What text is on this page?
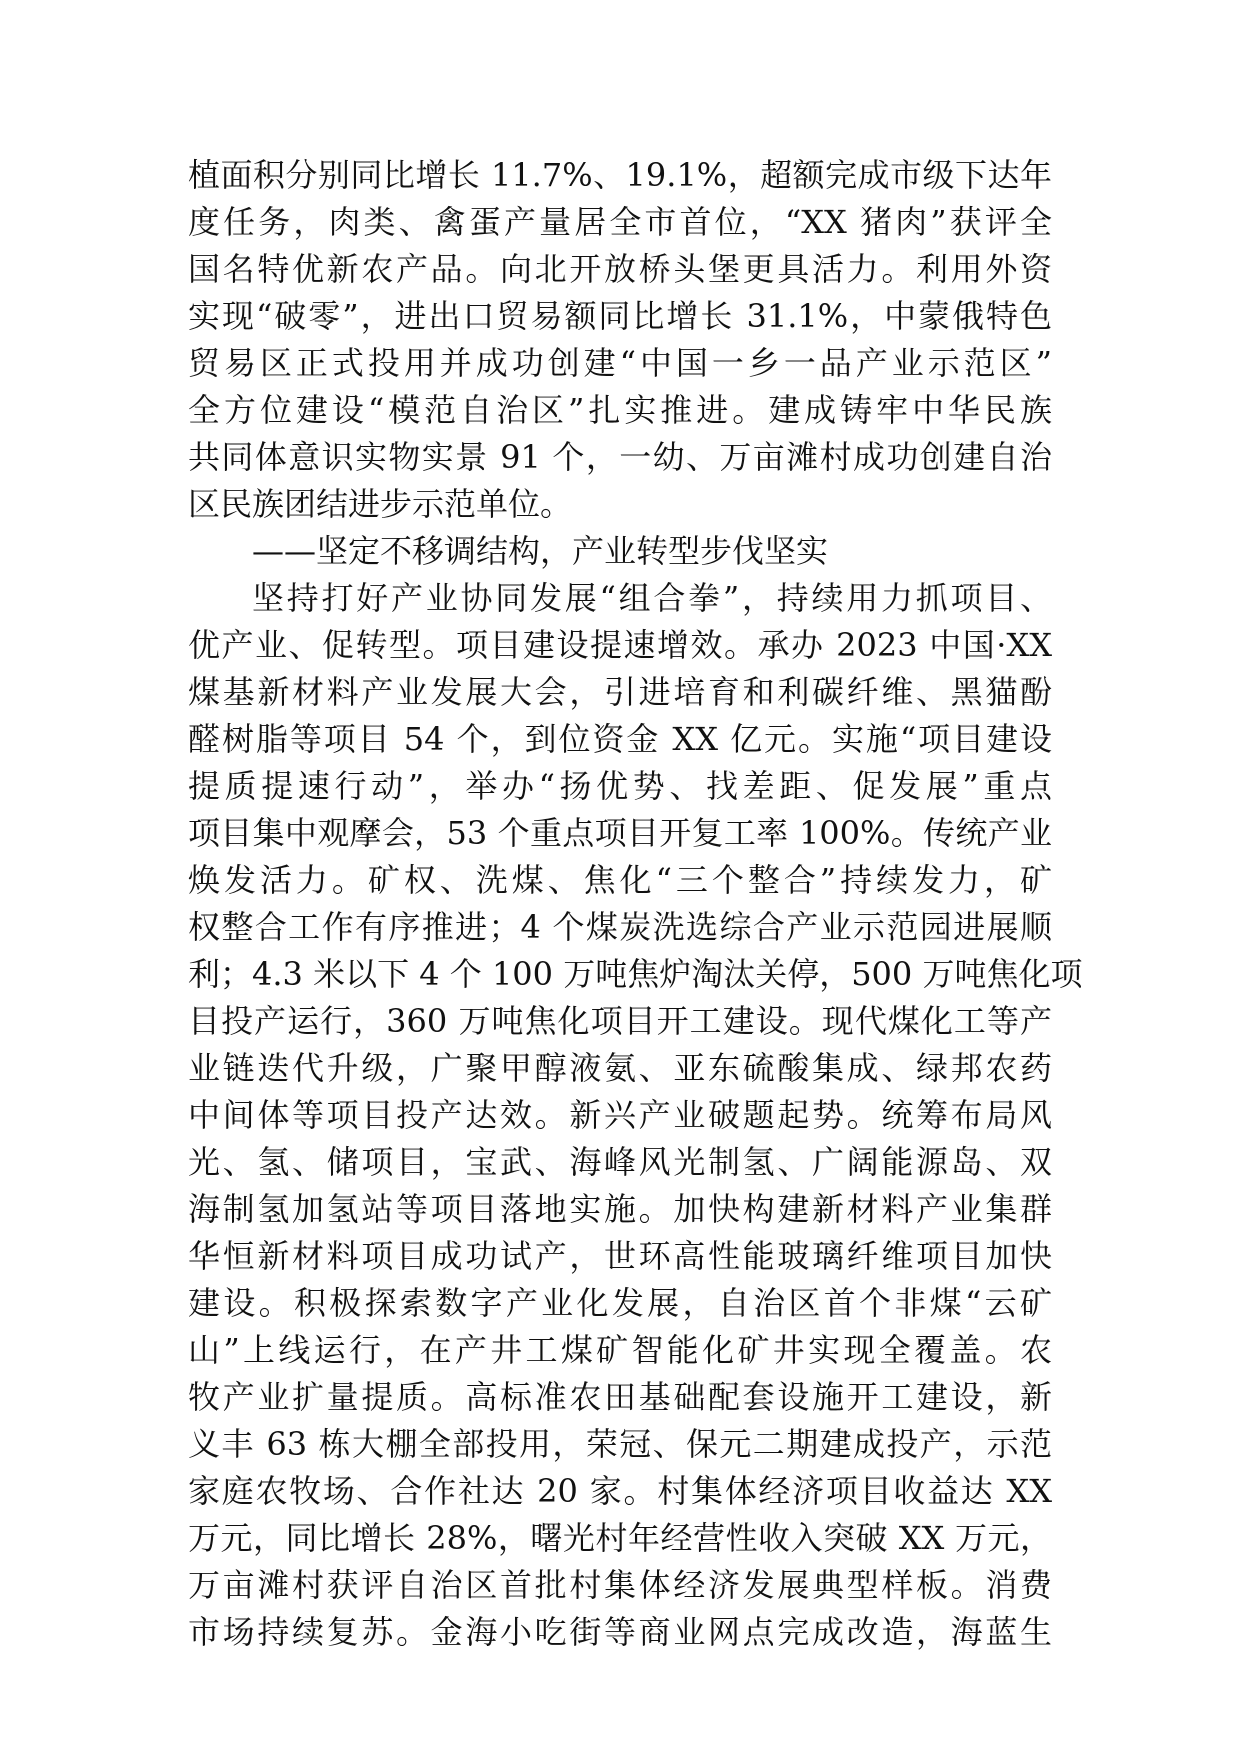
植面积分别同比增长 11.7%、19.1%，超额完成市级下达年
度任务，肉类、禽蛋产量居全市首位，“XX 猪肉”获评全
国名特优新农产品。向北开放桥头堡更具活力。利用外资
实现“破零”，进出口贸易额同比增长 31.1%，中蒙俄特色
贸易区正式投用并成功创建“中国一乡一品产业示范区”
全方位建设“模范自治区”扎实推进。建成铸牢中华民族
共同体意识实物实景 91 个，一幼、万亩滩村成功创建自治
区民族团结进步示范单位。
——坚定不移调结构，产业转型步伐坚实
坚持打好产业协同发展“组合拳”，持续用力抓项目、
优产业、促转型。项目建设提速增效。承办 2023 中国·XX
煤基新材料产业发展大会，引进培育和利碳纤维、黑猫酚
醛树脂等项目 54 个，到位资金 XX 亿元。实施“项目建设
提质提速行动”，举办“扬优势、找差距、促发展”重点
项目集中观摩会，53 个重点项目开复工率 100%。传统产业
焕发活力。矿权、洗煤、焦化“三个整合”持续发力，矿
权整合工作有序推进；4 个煤炭洗选综合产业示范园进展顺
利；4.3 米以下 4 个 100 万吨焦炉淘汰关停，500 万吨焦化项
目投产运行，360 万吨焦化项目开工建设。现代煤化工等产
业链迭代升级，广聚甲醇液氨、亚东硫酸集成、绿邦农药
中间体等项目投产达效。新兴产业破题起势。统筹布局风
光、氢、储项目，宝武、海峰风光制氢、广阔能源岛、双
海制氢加氢站等项目落地实施。加快构建新材料产业集群
华恒新材料项目成功试产，世环高性能玻璃纤维项目加快
建设。积极探索数字产业化发展，自治区首个非煤“云矿
山”上线运行，在产井工煤矿智能化矿井实现全覆盖。农
牧产业扩量提质。高标准农田基础配套设施开工建设，新
义丰 63 栋大棚全部投用，荣冠、保元二期建成投产，示范
家庭农牧场、合作社达 20 家。村集体经济项目收益达 XX
万元，同比增长 28%，曙光村年经营性收入突破 XX 万元，
万亩滩村获评自治区首批村集体经济发展典型样板。消费
市场持续复苏。金海小吃街等商业网点完成改造，海蓝生
